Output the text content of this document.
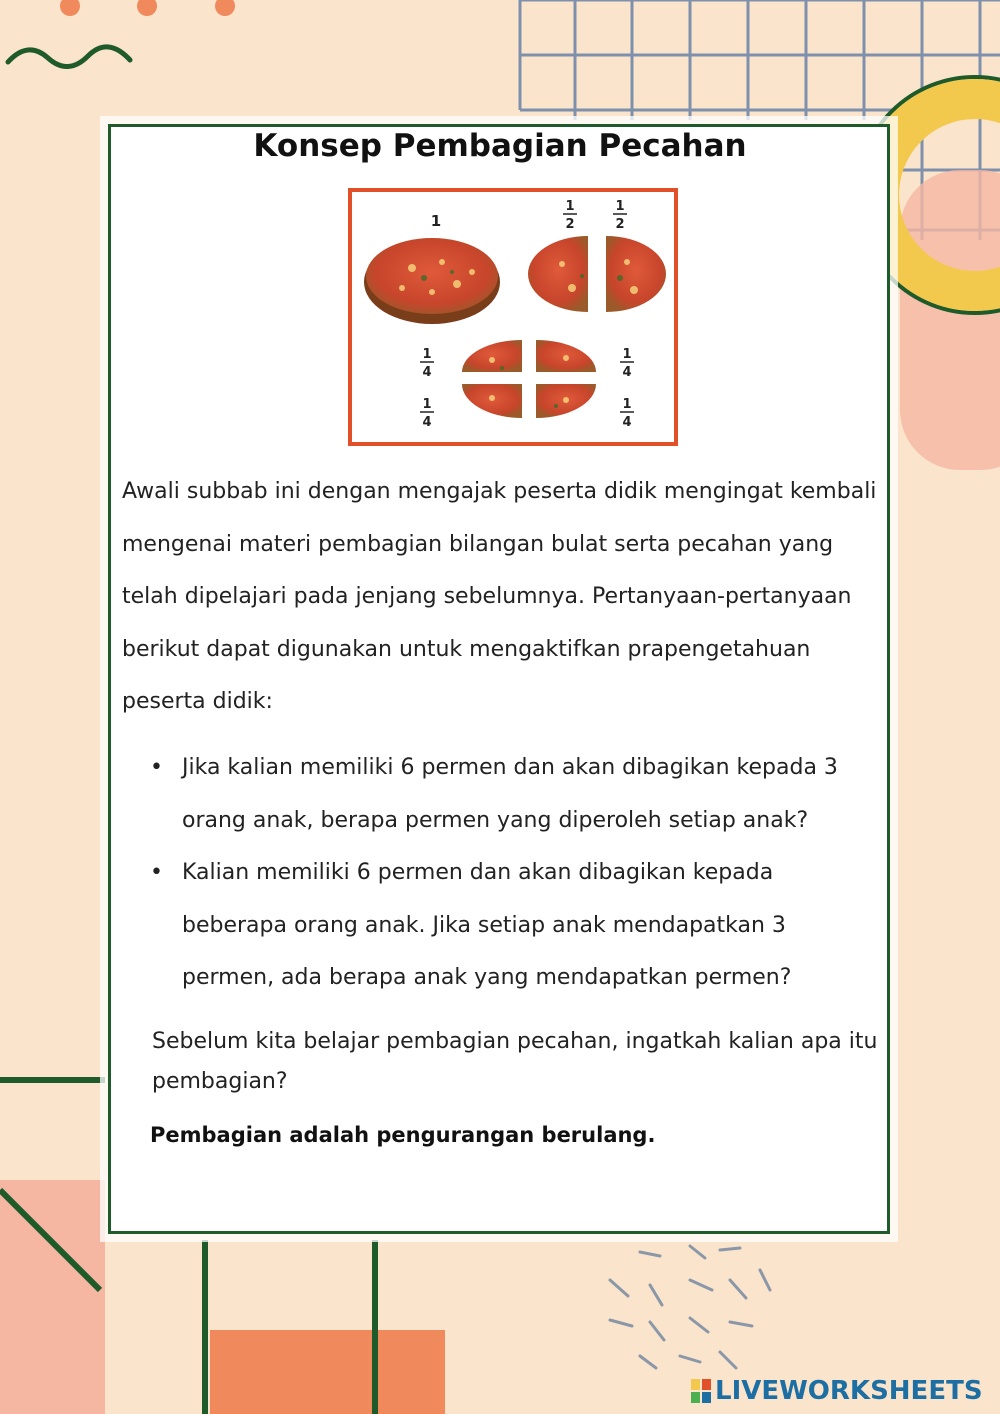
Konsep Pembagian Pecahan
1
1
2
1
2
1
4
1
4
1
4
1
4

Awali subbab ini dengan mengajak peserta didik mengingat kembali mengenai materi pembagian bilangan bulat serta pecahan yang telah dipelajari pada jenjang sebelumnya. Pertanyaan-pertanyaan berikut dapat digunakan untuk mengaktifkan prapengetahuan peserta didik:

• Jika kalian memiliki 6 permen dan akan dibagikan kepada 3 orang anak, berapa permen yang diperoleh setiap anak?
• Kalian memiliki 6 permen dan akan dibagikan kepada beberapa orang anak. Jika setiap anak mendapatkan 3 permen, ada berapa anak yang mendapatkan permen?

Sebelum kita belajar pembagian pecahan, ingatkah kalian apa itu pembagian?

Pembagian adalah pengurangan berulang.

LIVEWORKSHEETS
